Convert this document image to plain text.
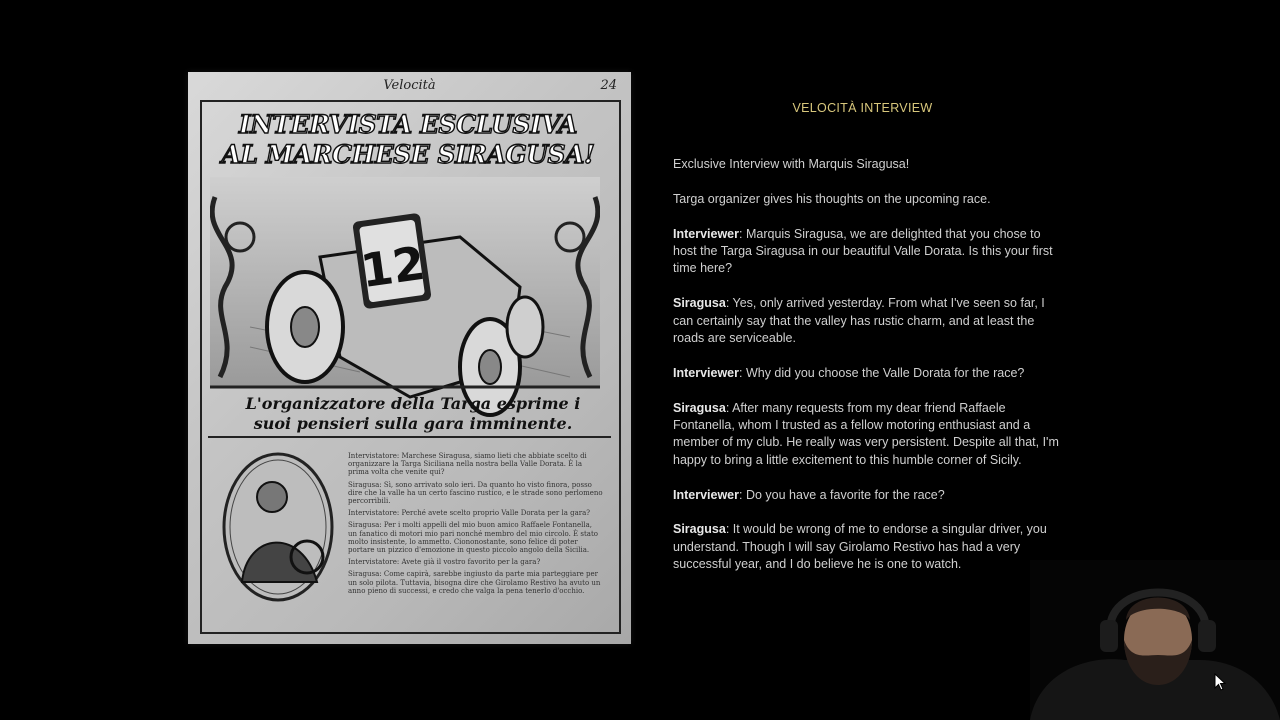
Velocità	24
INTERVISTA ESCLUSIVA
AL MARCHESE SIRAGUSA!
12
L'organizzatore della Targa esprime i suoi pensieri sulla gara imminente.

Intervistatore: Marchese Siragusa, siamo lieti che abbiate scelto di organizzare la Targa Siciliana nella nostra bella Valle Dorata. È la prima volta che venite qui?

Siragusa: Sì, sono arrivato solo ieri. Da quanto ho visto finora, posso dire che la valle ha un certo fascino rustico, e le strade sono perlomeno percorribili.

Intervistatore: Perché avete scelto proprio Valle Dorata per la gara?

Siragusa: Per i molti appelli del mio buon amico Raffaele Fontanella, un fanatico di motori mio pari nonché membro del mio circolo. È stato molto insistente, lo ammetto. Ciononostante, sono felice di poter portare un pizzico d'emozione in questo piccolo angolo della Sicilia.

Intervistatore: Avete già il vostro favorito per la gara?

Siragusa: Come capirà, sarebbe ingiusto da parte mia parteggiare per un solo pilota. Tuttavia, bisogna dire che Girolamo Restivo ha avuto un anno pieno di successi, e credo che valga la pena tenerlo d'occhio.

VELOCITÀ INTERVIEW

Exclusive Interview with Marquis Siragusa!

Targa organizer gives his thoughts on the upcoming race.

Interviewer: Marquis Siragusa, we are delighted that you chose to host the Targa Siragusa in our beautiful Valle Dorata. Is this your first time here?

Siragusa: Yes, only arrived yesterday. From what I've seen so far, I can certainly say that the valley has rustic charm, and at least the roads are serviceable.

Interviewer: Why did you choose the Valle Dorata for the race?

Siragusa: After many requests from my dear friend Raffaele Fontanella, whom I trusted as a fellow motoring enthusiast and a member of my club. He really was very persistent. Despite all that, I'm happy to bring a little excitement to this humble corner of Sicily.

Interviewer: Do you have a favorite for the race?

Siragusa: It would be wrong of me to endorse a singular driver, you understand. Though I will say Girolamo Restivo has had a very successful year, and I do believe he is one to watch.
